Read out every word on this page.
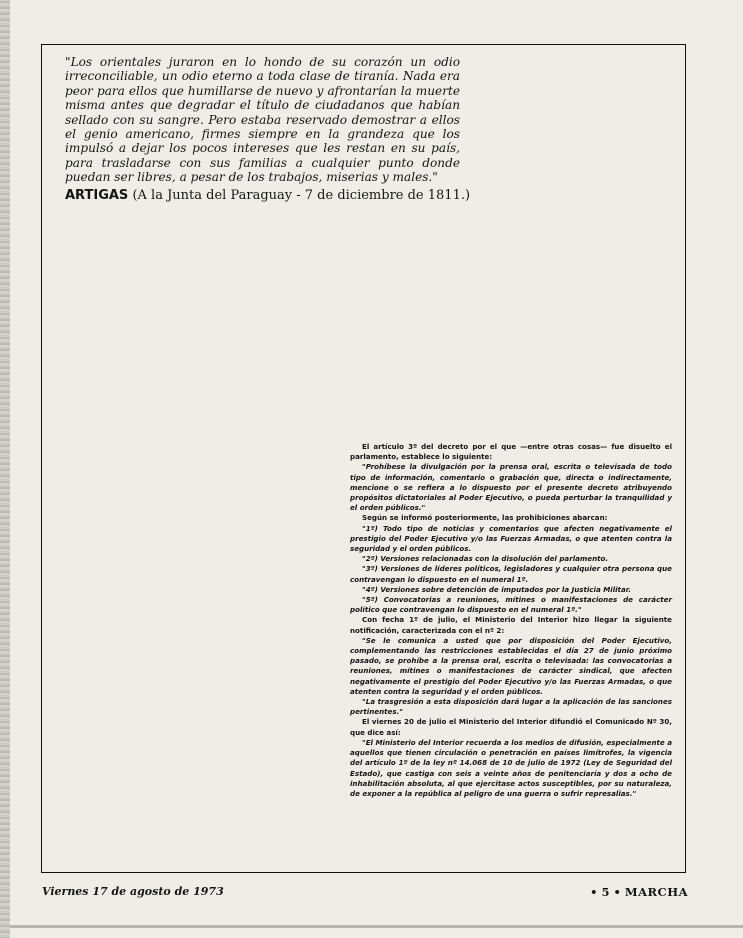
"Los orientales juraron en lo hondo de su corazón un odio irreconciliable, un odio eterno a toda clase de tiranía. Nada era peor para ellos que humillarse de nuevo y afrontarían la muerte misma antes que degradar el título de ciudadanos que habían sellado con su sangre. Pero estaba reservado demostrar a ellos el genio americano, firmes siempre en la grandeza que los impulsó a dejar los pocos intereses que les restan en su país, para trasladarse con sus familias a cualquier punto donde puedan ser libres, a pesar de los trabajos, miserias y males."

ARTIGAS (A la Junta del Paraguay - 7 de diciembre de 1811.)

El artículo 3º del decreto por el que —entre otras cosas— fue disuelto el parlamento, establece lo siguiente:

"Prohíbese la divulgación por la prensa oral, escrita o televisada de todo tipo de información, comentario o grabación que, directa o indirectamente, mencione o se refiera a lo dispuesto por el presente decreto atribuyendo propósitos dictatoriales al Poder Ejecutivo, o pueda perturbar la tranquilidad y el orden públicos."

Según se informó posteriormente, las prohibiciones abarcan:

"1º) Todo tipo de noticias y comentarios que afecten negativamente el prestigio del Poder Ejecutivo y/o las Fuerzas Armadas, o que atenten contra la seguridad y el orden públicos.

"2º) Versiones relacionadas con la disolución del parlamento.

"3º) Versiones de líderes políticos, legisladores y cualquier otra persona que contravengan lo dispuesto en el numeral 1º.

"4º) Versiones sobre detención de imputados por la Justicia Militar.

"5º) Convocatorias a reuniones, mítines o manifestaciones de carácter político que contravengan lo dispuesto en el numeral 1º."

Con fecha 1º de julio, el Ministerio del Interior hizo llegar la siguiente notificación, caracterizada con el nº 2:

"Se le comunica a usted que por disposición del Poder Ejecutivo, complementando las restricciones establecidas el día 27 de junio próximo pasado, se prohíbe a la prensa oral, escrita o televisada: las convocatorias a reuniones, mítines o manifestaciones de carácter sindical, que afecten negativamente el prestigio del Poder Ejecutivo y/o las Fuerzas Armadas, o que atenten contra la seguridad y el orden públicos.

"La trasgresión a esta disposición dará lugar a la aplicación de las sanciones pertinentes."

El viernes 20 de julio el Ministerio del Interior difundió el Comunicado Nº 30, que dice así:

"El Ministerio del Interior recuerda a los medios de difusión, especialmente a aquellos que tienen circulación o penetración en países limítrofes, la vigencia del artículo 1º de la ley nº 14.068 de 10 de julio de 1972 (Ley de Seguridad del Estado), que castiga con seis a veinte años de penitenciaría y dos a ocho de inhabilitación absoluta, al que ejercitase actos susceptibles, por su naturaleza, de exponer a la república al peligro de una guerra o sufrir represalias."

Viernes 17 de agosto de 1973	• 5 • MARCHA
